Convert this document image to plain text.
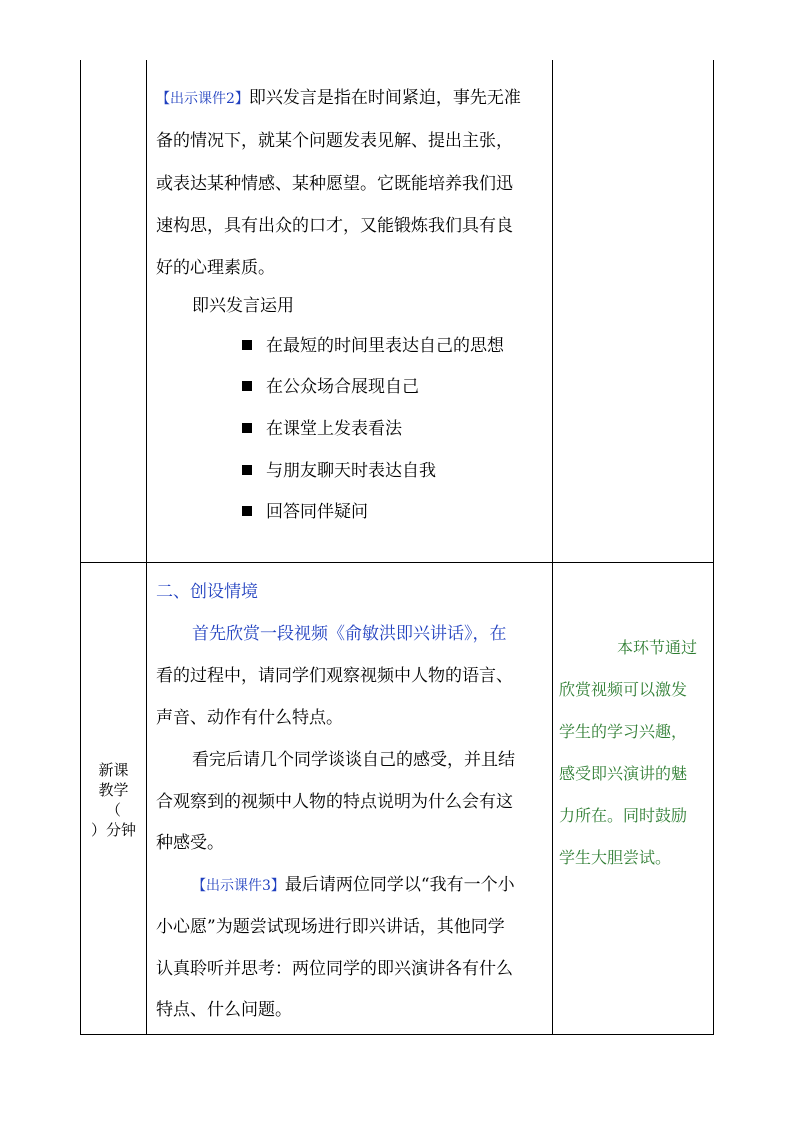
【出示课件2】即兴发言是指在时间紧迫，事先无准
备的情况下，就某个问题发表见解、提出主张，
或表达某种情感、某种愿望。它既能培养我们迅
速构思，具有出众的口才，又能锻炼我们具有良
好的心理素质。
即兴发言运用
在最短的时间里表达自己的思想
在公众场合展现自己
在课堂上发表看法
与朋友聊天时表达自我
回答同伴疑问
新课
教学
（
）分钟
二、创设情境
首先欣赏一段视频《俞敏洪即兴讲话》，在
看的过程中，请同学们观察视频中人物的语言、
声音、动作有什么特点。
看完后请几个同学谈谈自己的感受，并且结
合观察到的视频中人物的特点说明为什么会有这
种感受。
【出示课件3】最后请两位同学以“我有一个小
小心愿”为题尝试现场进行即兴讲话，其他同学
认真聆听并思考：两位同学的即兴演讲各有什么
特点、什么问题。
本环节通过
欣赏视频可以激发
学生的学习兴趣，
感受即兴演讲的魅
力所在。同时鼓励
学生大胆尝试。
